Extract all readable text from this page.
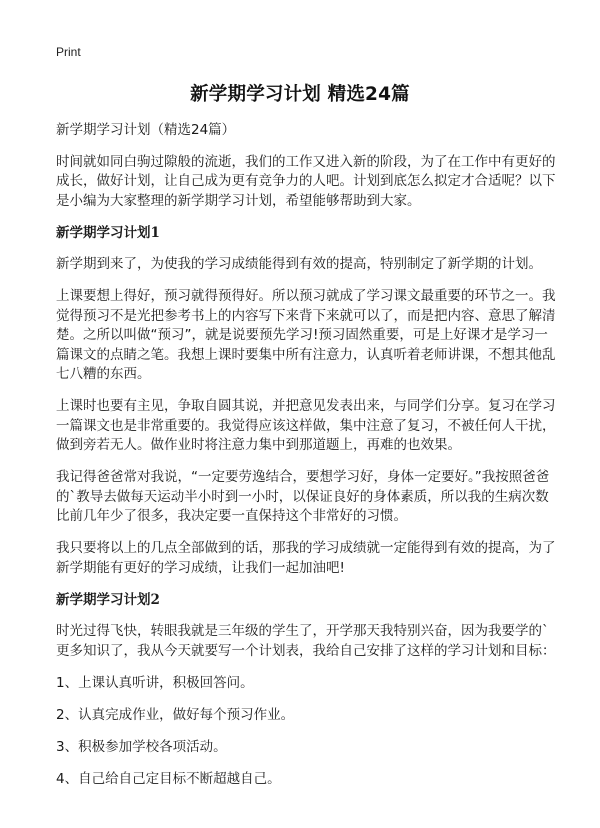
Print
新学期学习计划 精选24篇

新学期学习计划（精选24篇）

时间就如同白驹过隙般的流逝，我们的工作又进入新的阶段，为了在工作中有更好的成长，做好计划，让自己成为更有竞争力的人吧。计划到底怎么拟定才合适呢？以下是小编为大家整理的新学期学习计划，希望能够帮助到大家。

新学期学习计划1

新学期到来了，为使我的学习成绩能得到有效的提高，特别制定了新学期的计划。

上课要想上得好，预习就得预得好。所以预习就成了学习课文最重要的环节之一。我觉得预习不是光把参考书上的内容写下来背下来就可以了，而是把内容、意思了解清楚。之所以叫做“预习”，就是说要预先学习!预习固然重要，可是上好课才是学习一篇课文的点睛之笔。我想上课时要集中所有注意力，认真听着老师讲课，不想其他乱七八糟的东西。

上课时也要有主见，争取自圆其说，并把意见发表出来，与同学们分享。复习在学习一篇课文也是非常重要的。我觉得应该这样做，集中注意了复习，不被任何人干扰，做到旁若无人。做作业时将注意力集中到那道题上，再难的也效果。

我记得爸爸常对我说，“一定要劳逸结合，要想学习好，身体一定要好。”我按照爸爸的`教导去做每天运动半小时到一小时，以保证良好的身体素质，所以我的生病次数比前几年少了很多，我决定要一直保持这个非常好的习惯。

我只要将以上的几点全部做到的话，那我的学习成绩就一定能得到有效的提高，为了新学期能有更好的学习成绩，让我们一起加油吧!

新学期学习计划2

时光过得飞快，转眼我就是三年级的学生了，开学那天我特别兴奋，因为我要学的`更多知识了，我从今天就要写一个计划表，我给自己安排了这样的学习计划和目标：

1、上课认真听讲，积极回答问。

2、认真完成作业，做好每个预习作业。

3、积极参加学校各项活动。

4、自己给自己定目标不断超越自己。
